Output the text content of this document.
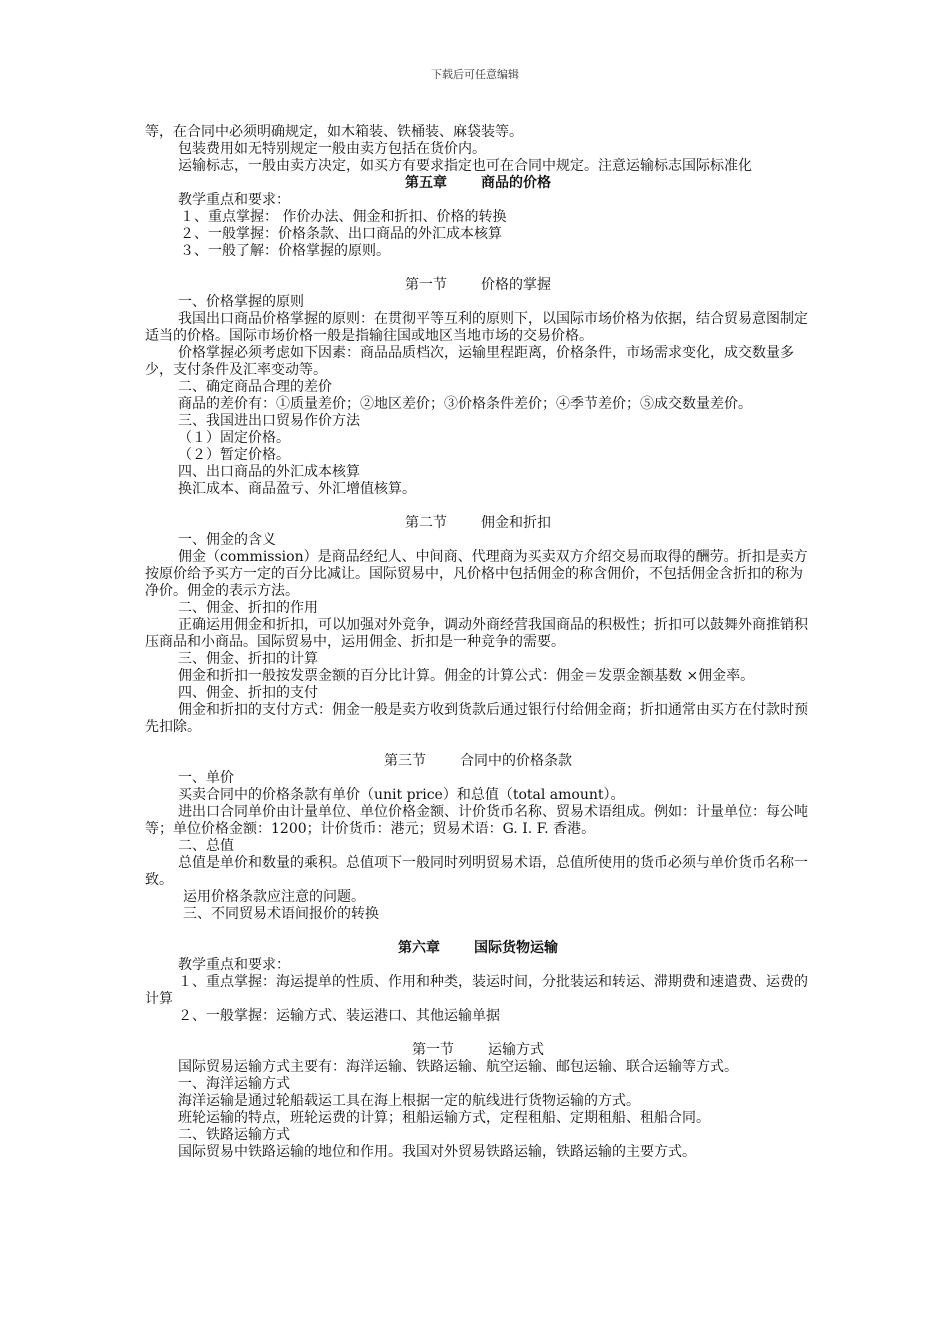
下载后可任意编辑

等，在合同中必须明确规定，如木箱装、铁桶装、麻袋装等。

包装费用如无特别规定一般由卖方包括在货价内。

运输标志，一般由卖方决定，如买方有要求指定也可在合同中规定。注意运输标志国际标准化

第五章 商品的价格

教学重点和要求：

１、重点掌握： 作价办法、佣金和折扣、价格的转换

２、一般掌握：价格条款、出口商品的外汇成本核算

３、一般了解：价格掌握的原则。

第一节 价格的掌握

一、价格掌握的原则

我国出口商品价格掌握的原则：在贯彻平等互利的原则下，以国际市场价格为依据，结合贸易意图制定适当的价格。国际市场价格一般是指输往国或地区当地市场的交易价格。

价格掌握必须考虑如下因素：商品品质档次，运输里程距离，价格条件，市场需求变化，成交数量多少，支付条件及汇率变动等。

二、确定商品合理的差价

商品的差价有：①质量差价；②地区差价；③价格条件差价；④季节差价；⑤成交数量差价。

三、我国进出口贸易作价方法

（１）固定价格。

（２）暂定价格。

四、出口商品的外汇成本核算

换汇成本、商品盈亏、外汇增值核算。

第二节 佣金和折扣

一、佣金的含义

佣金（commission）是商品经纪人、中间商、代理商为买卖双方介绍交易而取得的酬劳。折扣是卖方按原价给予买方一定的百分比减让。国际贸易中，凡价格中包括佣金的称含佣价，不包括佣金含折扣的称为净价。佣金的表示方法。

二、佣金、折扣的作用

正确运用佣金和折扣，可以加强对外竞争，调动外商经营我国商品的积极性；折扣可以鼓舞外商推销积压商品和小商品。国际贸易中，运用佣金、折扣是一种竞争的需要。

三、佣金、折扣的计算

佣金和折扣一般按发票金额的百分比计算。佣金的计算公式：佣金＝发票金额基数 ×佣金率。

四、佣金、折扣的支付

佣金和折扣的支付方式：佣金一般是卖方收到货款后通过银行付给佣金商；折扣通常由买方在付款时预先扣除。

第三节 合同中的价格条款

一、单价

买卖合同中的价格条款有单价（unit price）和总值（total amount）。

进出口合同单价由计量单位、单位价格金额、计价货币名称、贸易术语组成。例如：计量单位：每公吨等；单位价格金额：1200；计价货币：港元；贸易术语：G. I. F. 香港。

二、总值

总值是单价和数量的乘积。总值项下一般同时列明贸易术语，总值所使用的货币必须与单价货币名称一致。

运用价格条款应注意的问题。

三、不同贸易术语间报价的转换

第六章 国际货物运输

教学重点和要求：

１、重点掌握：海运提单的性质、作用和种类，装运时间，分批装运和转运、滞期费和速遣费、运费的计算

２、一般掌握：运输方式、装运港口、其他运输单据

第一节 运输方式

国际贸易运输方式主要有：海洋运输、铁路运输、航空运输、邮包运输、联合运输等方式。

一、海洋运输方式

海洋运输是通过轮船载运工具在海上根据一定的航线进行货物运输的方式。

班轮运输的特点，班轮运费的计算；租船运输方式，定程租船、定期租船、租船合同。

二、铁路运输方式

国际贸易中铁路运输的地位和作用。我国对外贸易铁路运输，铁路运输的主要方式。
